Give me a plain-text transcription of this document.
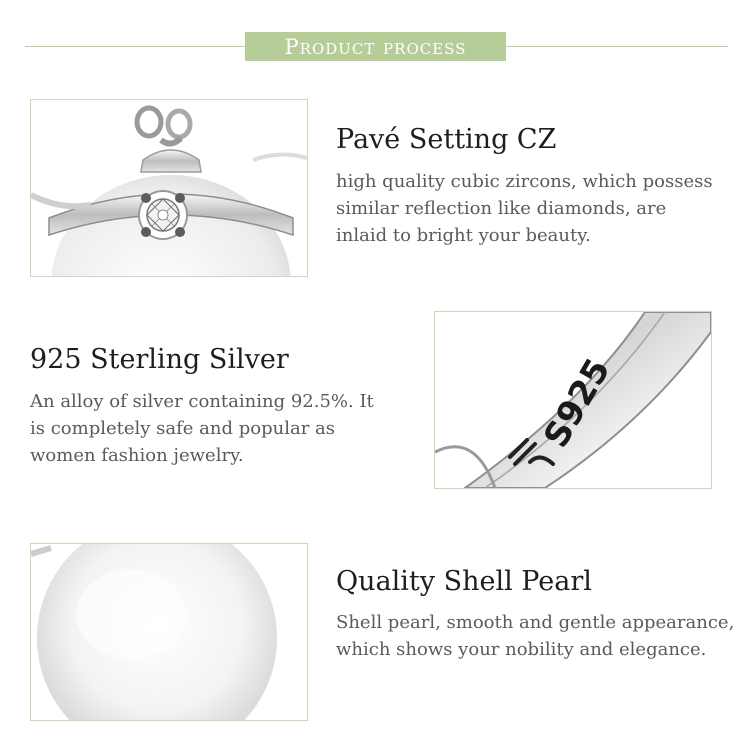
Product process
Pavé Setting CZ
high quality cubic zircons, which possess
similar reflection like diamonds, are
inlaid to bright your beauty.
925 Sterling Silver
An alloy of silver containing 92.5%. It
is completely safe and popular as
women fashion jewelry.
S925
Quality Shell Pearl
Shell pearl, smooth and gentle appearance,
which shows your nobility and elegance.
